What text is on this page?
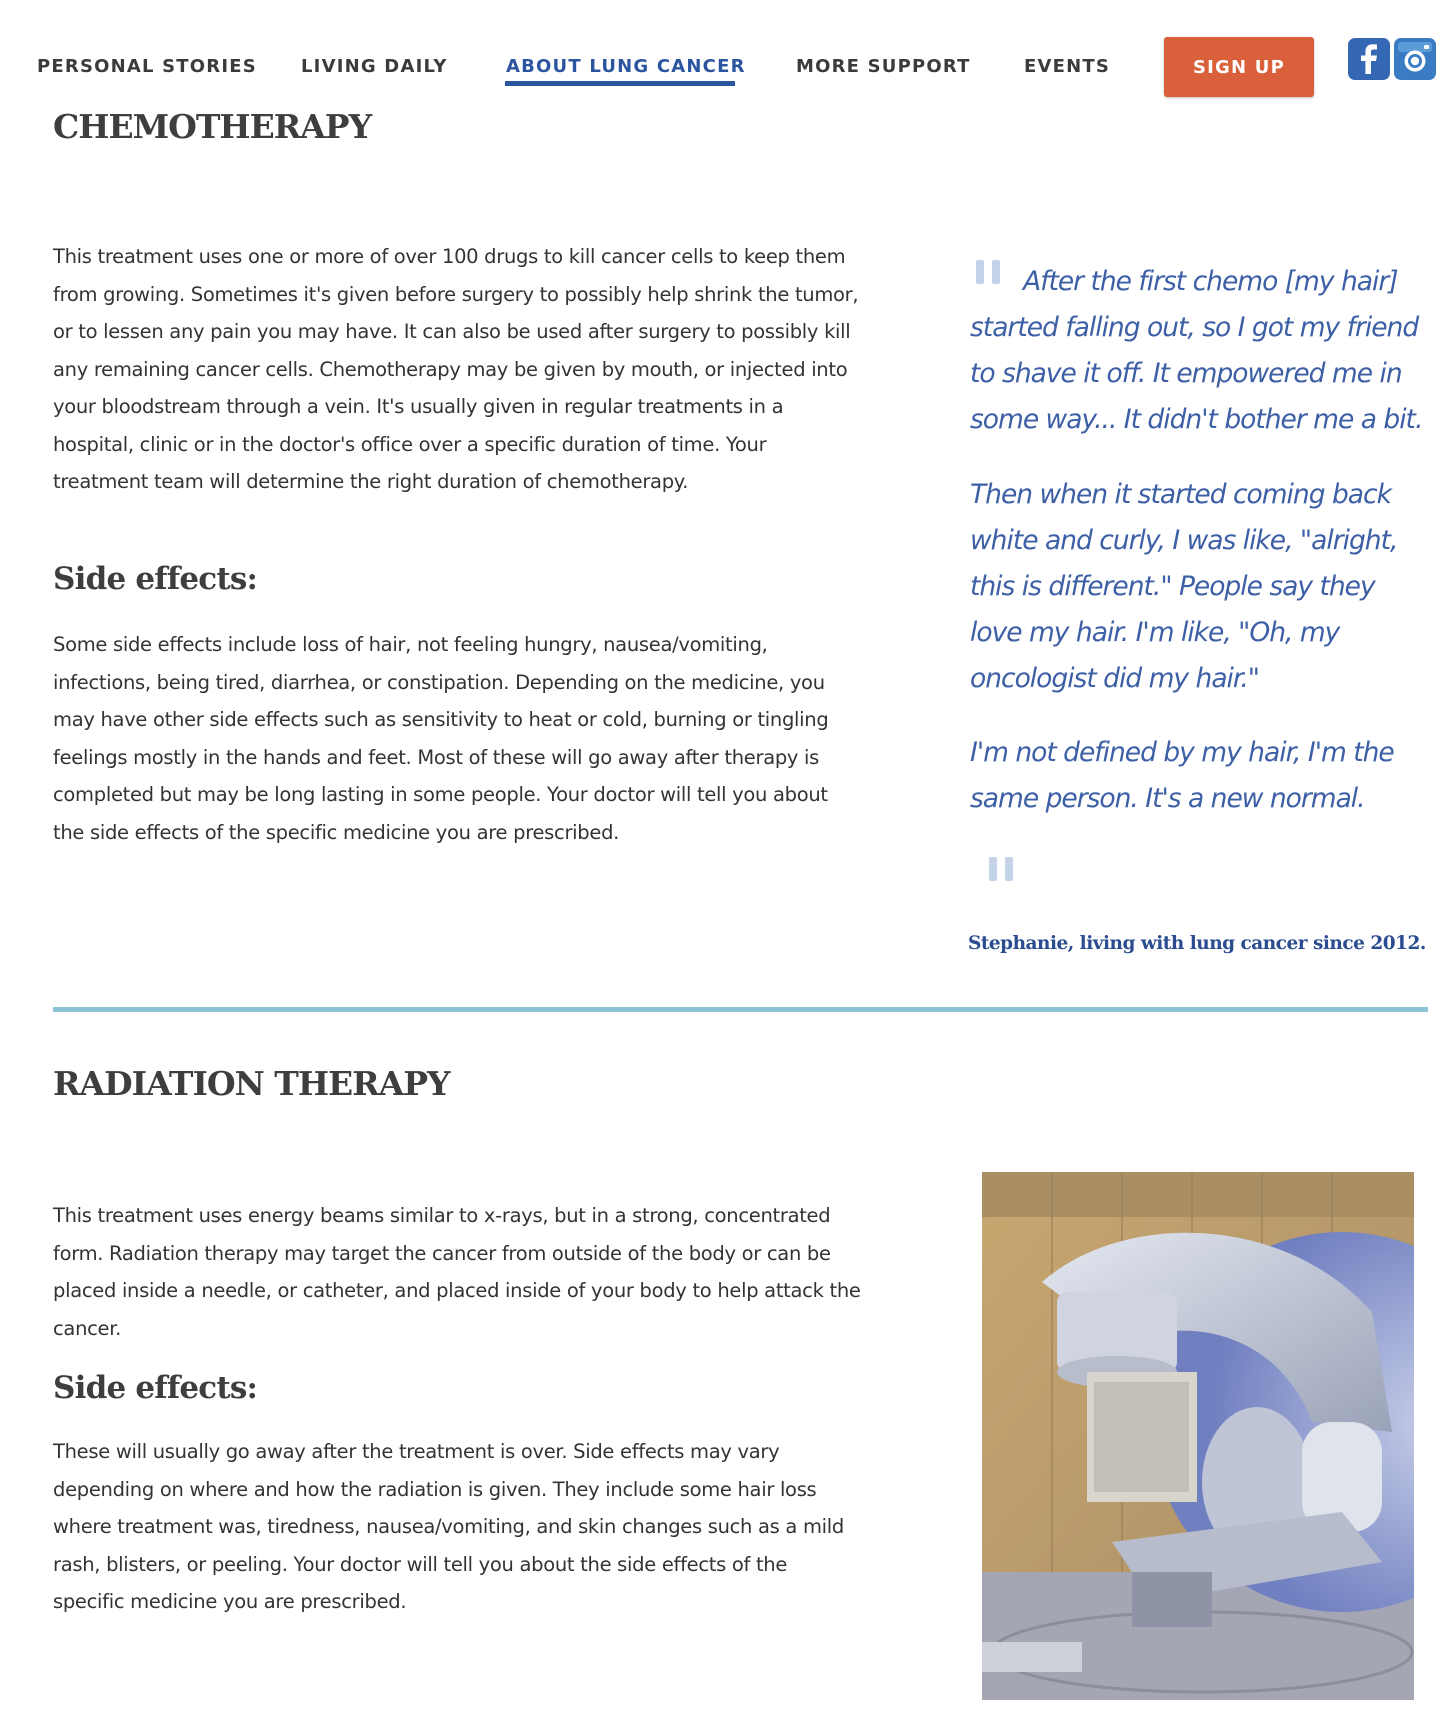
PERSONAL STORIES LIVING DAILY	ABOUT LUNG CANCER	MORE SUPPORT	EVENTS	SIGN UP
CHEMOTHERAPY

This treatment uses one or more of over 100 drugs to kill cancer cells to keep them from growing. Sometimes it's given before surgery to possibly help shrink the tumor, or to lessen any pain you may have. It can also be used after surgery to possibly kill any remaining cancer cells. Chemotherapy may be given by mouth, or injected into your bloodstream through a vein. It's usually given in regular treatments in a hospital, clinic or in the doctor's office over a specific duration of time. Your treatment team will determine the right duration of chemotherapy.

Side effects:

Some side effects include loss of hair, not feeling hungry, nausea/vomiting, infections, being tired, diarrhea, or constipation. Depending on the medicine, you may have other side effects such as sensitivity to heat or cold, burning or tingling feelings mostly in the hands and feet. Most of these will go away after therapy is completed but may be long lasting in some people. Your doctor will tell you about the side effects of the specific medicine you are prescribed.

After the first chemo [my hair] started falling out, so I got my friend to shave it off. It empowered me in some way... It didn't bother me a bit.

Then when it started coming back white and curly, I was like, "alright, this is different." People say they love my hair. I'm like, "Oh, my oncologist did my hair."

I'm not defined by my hair, I'm the same person. It's a new normal.

Stephanie, living with lung cancer since 2012.

RADIATION THERAPY

This treatment uses energy beams similar to x-rays, but in a strong, concentrated form. Radiation therapy may target the cancer from outside of the body or can be placed inside a needle, or catheter, and placed inside of your body to help attack the cancer.

Side effects:

These will usually go away after the treatment is over. Side effects may vary depending on where and how the radiation is given. They include some hair loss where treatment was, tiredness, nausea/vomiting, and skin changes such as a mild rash, blisters, or peeling. Your doctor will tell you about the side effects of the specific medicine you are prescribed.
